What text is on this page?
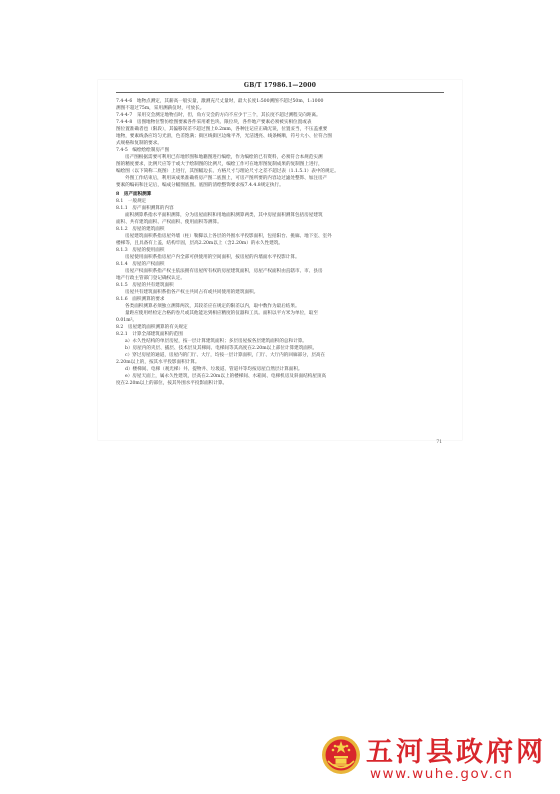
GB/T 17986.1—2000

7.4-4-6　地物点测定，其薪高一般实量，激测充尺丈量时，最大长度1:500测图不超过50m，1:1000

测图不超过75m，采用测薪仪时，可放长。

7.4-4-7　采用交会测定地物点时，但，角方交会的方向不应少于三个，其长度不超过测程交向距离。

7.4-4-8　房图地物位警仿绘图要素各件采用难色块、限位块，各件地产要素必须被实相位置或表

图位置准确者也（限段），其偏移误差不超过图上0.2mm，各种注记应正确无误，位置妥当，不压盖重要

地物，要素线条应均匀光滑，色差饱满；街区线街区边缘平齐，光洁透亮、线条畅顺，符号大小、位符合图

式规格和复制的要求。

7.4-5　编绘绘绘制房产图

房产图根据需要可利用已有地形图和地籍图进行编绘，作为编绘的已有资料，必须符合本规范实测

图的精度要求，比例尺应等于或大于绘制图的比例尺，编绘工作可在地形图复制成果的复制图上进行，

编绘图（以下简称二底图）上进行，其图幅边长、方格尺寸与理论尺寸之差不超过表（1.1.5.1）表中的规定。

外图工作结束后，利用该成果准确将房产图二底图上，可房产图所要的内容边过滤处整饰、加注房产

要素的编码和注记后，编成分幅图底图。底图的清绘整饰要求按7.4.4.8规定执行。

8　房产面积测算

8.1　一般规定

8.1.1　房产面积测算的内容

面积测算系指水平面积测算，分为房屋面积和用地面积测算两类，其中房屋面积测算包括房屋建筑

面积、共有建筑面积、产权面积、使用面积等测算。

8.1.2　房屋的建筑面积

房屋建筑面积系指房屋外墙（柱）勒脚以上各层的外围水平投影面积，包括阳台、挑廊、地下室、室外

楼梯等，且具备有上盖，结构牢固，层高2.20m以上（含2.20m）的永久性建筑。

8.1.3　房屋的使用面积

房屋使用面积系指房屋户内全部可供使用的空间面积，按房屋的内墙面水平投影计算。

8.1.4　房屋的产权面积

房屋产权面积系指产权主依法拥有房屋所有权的房屋建筑面积，房屋产权面积由直辖市、市、县房

地产行政主管部门登记确权认定。

8.1.5　房屋的共有建筑面积

房屋共有建筑面积系指各产权主共同占有或共同使用的建筑面积。

8.1.6　面积测算的要求

各类面积测算必须独立测算两次，其较差应在规定的限差以内，取中数作为最后结果。

量距应使用经检定合格的卷尺或其他能达到相应精度的仪器和工具。面积以平方米为单位，取至

0.01m²。

8.2　房屋建筑面积测算的有关规定

8.2.1　计算全部建筑面积的范围

a）永久性结构的单层房屋，按一层计算建筑面积；多层房屋按各层建筑面积的总和计算。

b）房屋内的夹层、插层、技术层及其梯间、电梯间等其高度在2.20m以上部位计算建筑面积。

c）穿过房屋的通道，房屋内的门厅、大厅，均按一层计算面积，门厅、大厅内的回廊部分，层高在

2.20m以上的，按其水平投影面积计算。

d）楼梯间、电梯（观光梯）井、提物井、垃圾道、管道井等均按房屋自然层计算面积。

e）房屋天面上，属永久性建筑，层高在2.20m以上的楼梯间、水箱间、电梯机房及斜面结构屋顶高

度在2.20m以上的部位，按其外围水平投影面积计算。

71
五河县政府网
www.wuhe.gov.cn
